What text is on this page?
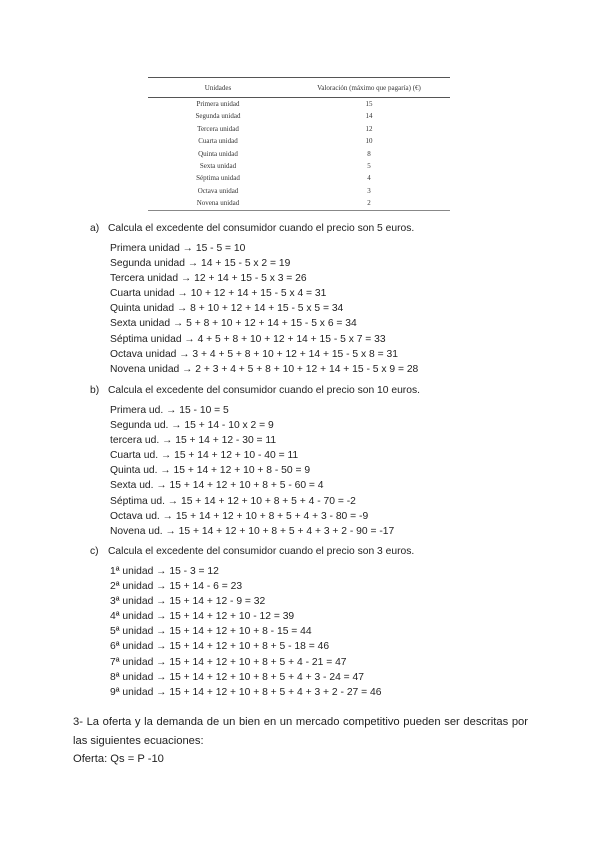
Unidades	Valoración (máximo que pagaría) (€)
Primera unidad	15
Segunda unidad	14
Tercera unidad	12
Cuarta unidad	10
Quinta unidad	8
Sexta unidad	5
Séptima unidad	4
Octava unidad	3
Novena unidad	2
a) Calcula el excedente del consumidor cuando el precio son 5 euros.
Primera unidad → 15 - 5 = 10
Segunda unidad → 14 + 15 - 5 x 2 = 19
Tercera unidad → 12 + 14 + 15 - 5 x 3 = 26
Cuarta unidad → 10 + 12 + 14 + 15 - 5 x 4 = 31
Quinta unidad → 8 + 10 + 12 + 14 + 15 - 5 x 5 = 34
Sexta unidad → 5 + 8 + 10 + 12 + 14 + 15 - 5 x 6 = 34
Séptima unidad → 4 + 5 + 8 + 10 + 12 + 14 + 15 - 5 x 7 = 33
Octava unidad → 3 + 4 + 5 + 8 + 10 + 12 + 14 + 15 - 5 x 8 = 31
Novena unidad → 2 + 3 + 4 + 5 + 8 + 10 + 12 + 14 + 15 - 5 x 9 = 28
b) Calcula el excedente del consumidor cuando el precio son 10 euros.
Primera ud. → 15 - 10 = 5
Segunda ud. → 15 + 14 - 10 x 2 = 9
tercera ud. → 15 + 14 + 12 - 30 = 11
Cuarta ud. → 15 + 14 + 12 + 10 - 40 = 11
Quinta ud. → 15 + 14 + 12 + 10 + 8 - 50 = 9
Sexta ud. → 15 + 14 + 12 + 10 + 8 + 5 - 60 = 4
Séptima ud. → 15 + 14 + 12 + 10 + 8 + 5 + 4 - 70 = -2
Octava ud. → 15 + 14 + 12 + 10 + 8 + 5 + 4 + 3 - 80 = -9
Novena ud. → 15 + 14 + 12 + 10 + 8 + 5 + 4 + 3 + 2 - 90 = -17
c) Calcula el excedente del consumidor cuando el precio son 3 euros.
1ª unidad → 15 - 3 = 12
2ª unidad → 15 + 14 - 6 = 23
3ª unidad → 15 + 14 + 12 - 9 = 32
4ª unidad → 15 + 14 + 12 + 10 - 12 = 39
5ª unidad → 15 + 14 + 12 + 10 + 8 - 15 = 44
6ª unidad → 15 + 14 + 12 + 10 + 8 + 5 - 18 = 46
7ª unidad → 15 + 14 + 12 + 10 + 8 + 5 + 4 - 21 = 47
8ª unidad → 15 + 14 + 12 + 10 + 8 + 5 + 4 + 3 - 24 = 47
9ª unidad → 15 + 14 + 12 + 10 + 8 + 5 + 4 + 3 + 2 - 27 = 46
3- La oferta y la demanda de un bien en un mercado competitivo pueden ser descritas por las siguientes ecuaciones:
Oferta: Qs = P -10
